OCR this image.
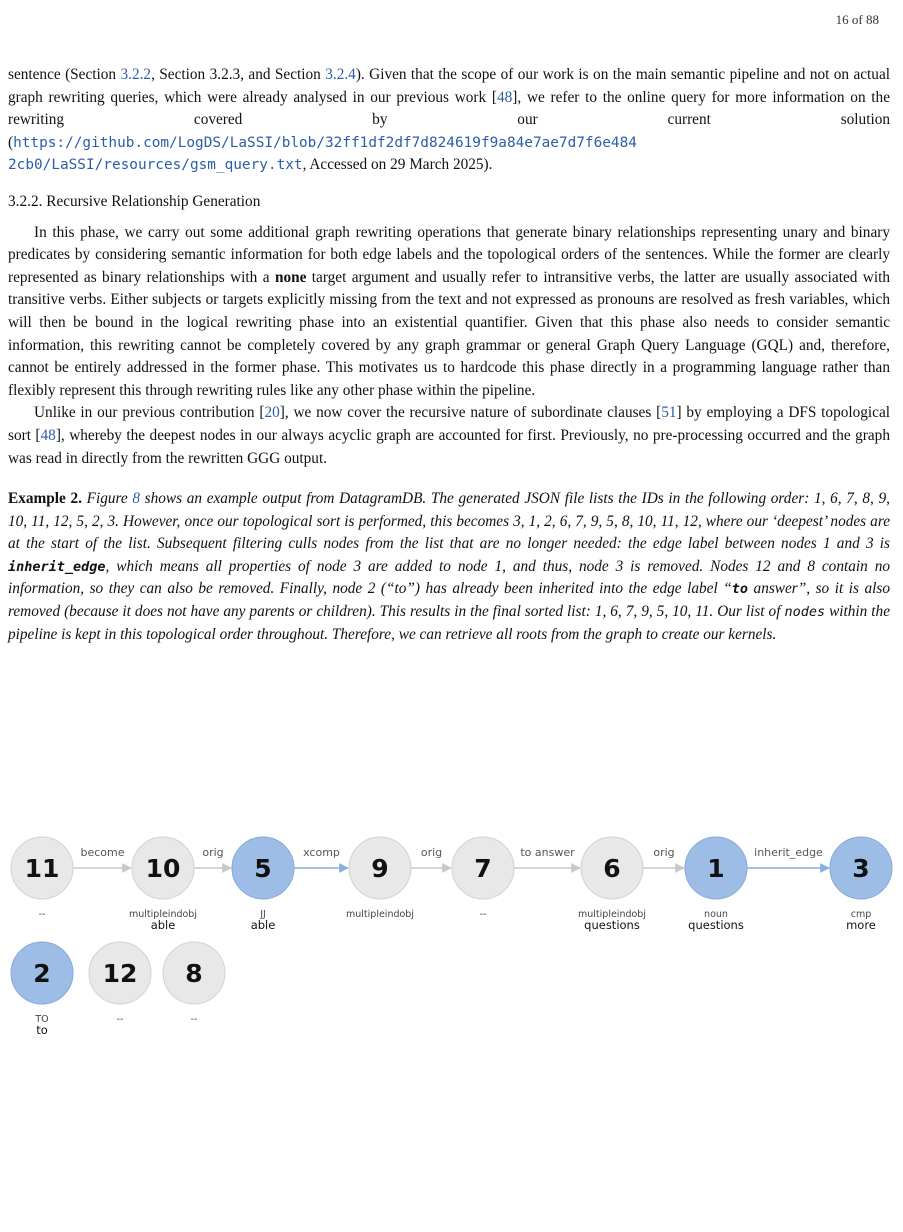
16 of 88

sentence (Section 3.2.2, Section 3.2.3, and Section 3.2.4). Given that the scope of our work is on the main semantic pipeline and not on actual graph rewriting queries, which were already analysed in our previous work [48], we refer to the online query for more information on the rewriting covered by our current solution (https://github.com/LogDS/LaSSI/blob/32ff1df2df7d824619f9a84e7ae7d7f6e484 2cb0/LaSSI/resources/gsm_query.txt, Accessed on 29 March 2025).

3.2.2. Recursive Relationship Generation

In this phase, we carry out some additional graph rewriting operations that generate binary relationships representing unary and binary predicates by considering semantic information for both edge labels and the topological orders of the sentences. While the former are clearly represented as binary relationships with a none target argument and usually refer to intransitive verbs, the latter are usually associated with transitive verbs. Either subjects or targets explicitly missing from the text and not expressed as pronouns are resolved as fresh variables, which will then be bound in the logical rewriting phase into an existential quantifier. Given that this phase also needs to consider semantic information, this rewriting cannot be completely covered by any graph grammar or general Graph Query Language (GQL) and, therefore, cannot be entirely addressed in the former phase. This motivates us to hardcode this phase directly in a programming language rather than flexibly represent this through rewriting rules like any other phase within the pipeline.

Unlike in our previous contribution [20], we now cover the recursive nature of subordinate clauses [51] by employing a DFS topological sort [48], whereby the deepest nodes in our always acyclic graph are accounted for first. Previously, no pre-processing occurred and the graph was read in directly from the rewritten GGG output.

Example 2. Figure 8 shows an example output from DatagramDB. The generated JSON file lists the IDs in the following order: 1, 6, 7, 8, 9, 10, 11, 12, 5, 2, 3. However, once our topological sort is performed, this becomes 3, 1, 2, 6, 7, 9, 5, 8, 10, 11, 12, where our ‘deepest’ nodes are at the start of the list. Subsequent filtering culls nodes from the list that are no longer needed: the edge label between nodes 1 and 3 is inherit_edge, which means all properties of node 3 are added to node 1, and thus, node 3 is removed. Nodes 12 and 8 contain no information, so they can also be removed. Finally, node 2 (“to”) has already been inherited into the edge label “to answer”, so it is also removed (because it does not have any parents or children). This results in the final sorted list: 1, 6, 7, 9, 5, 10, 11. Our list of nodes within the pipeline is kept in this topological order throughout. Therefore, we can retrieve all roots from the graph to create our kernels.

become	orig	xcomp	orig	to answer	orig	inherit_edge
11
--
10
multipleindobj
able
5
JJ
able
9
multipleindobj
7
--
6
multipleindobj
questions
1
noun
questions
3
cmp
more
2
TO
to
12
--
8
--
